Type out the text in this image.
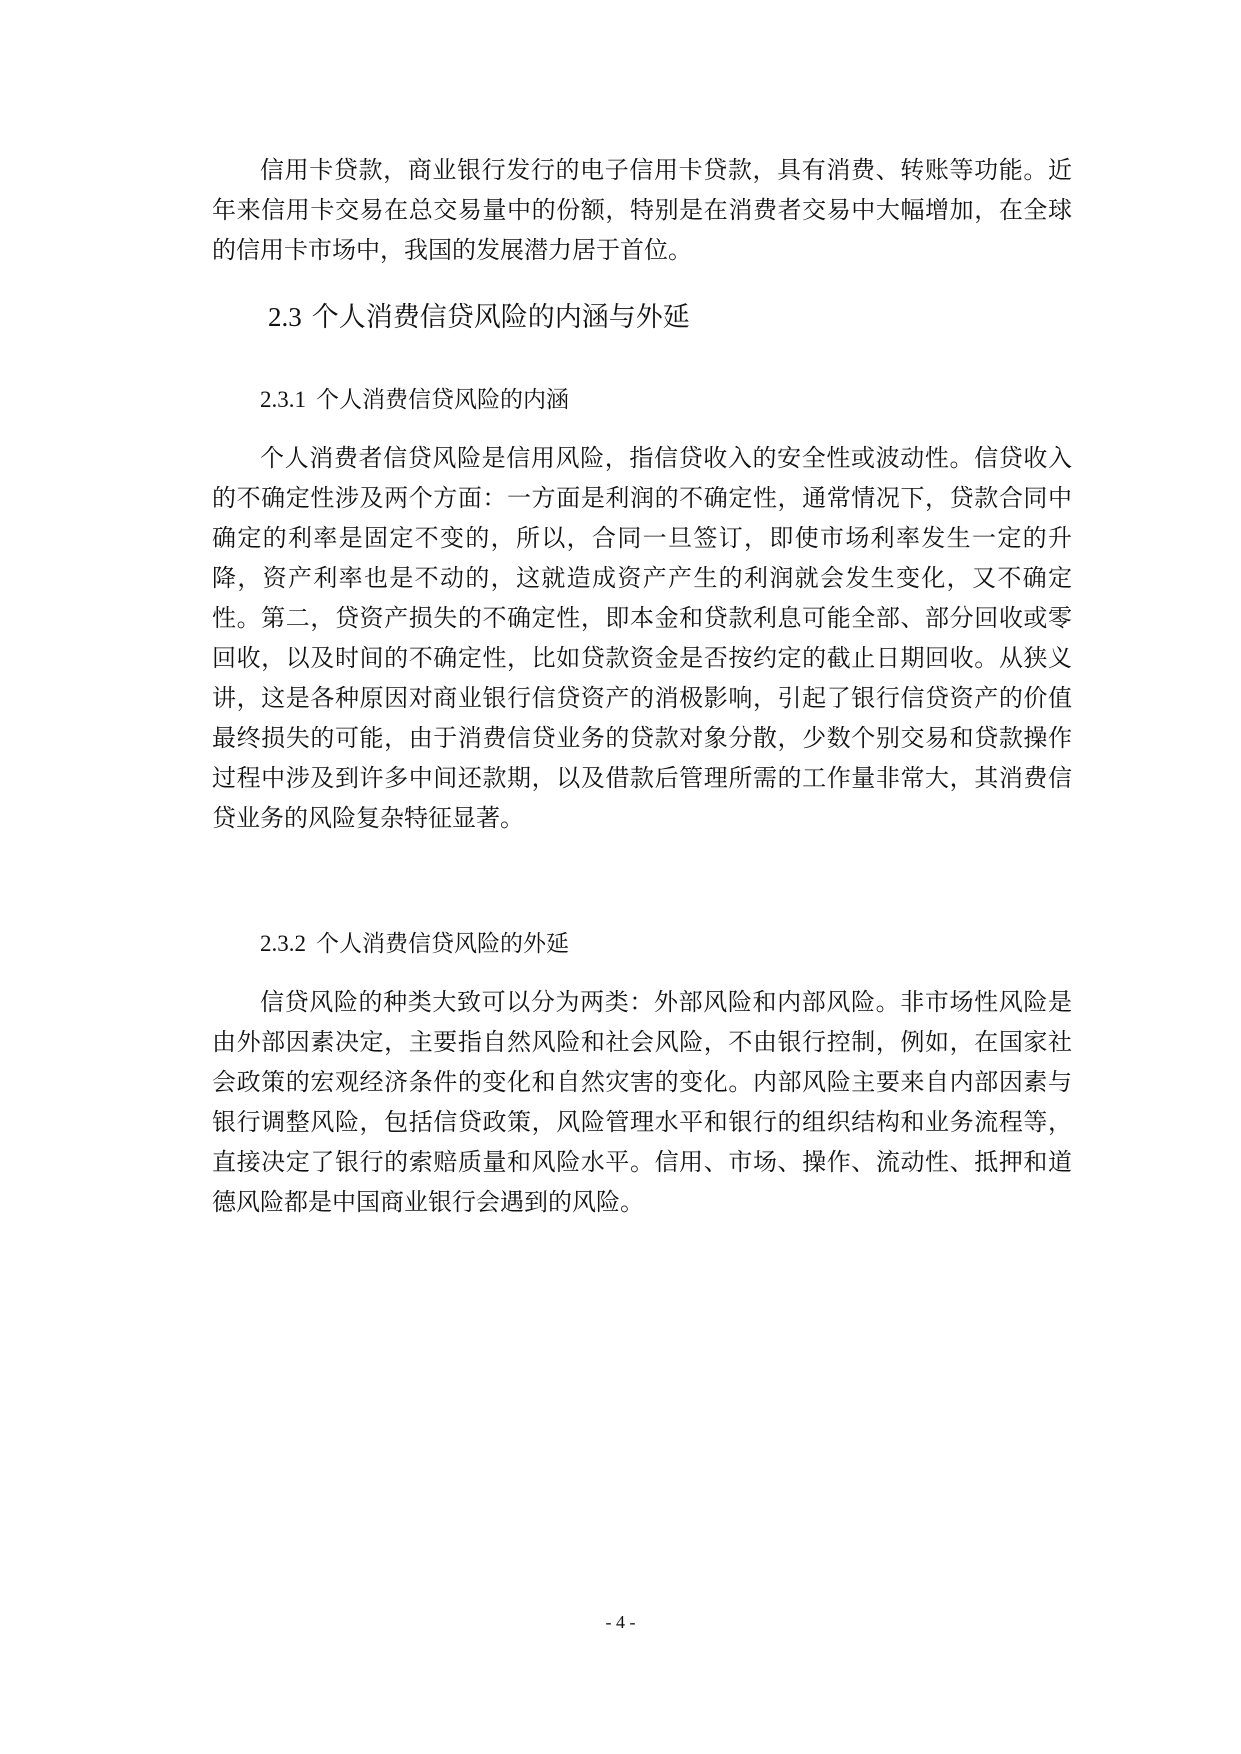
信用卡贷款，商业银行发行的电子信用卡贷款，具有消费、转账等功能。近年来信用卡交易在总交易量中的份额，特别是在消费者交易中大幅增加，在全球的信用卡市场中，我国的发展潜力居于首位。

2.3 个人消费信贷风险的内涵与外延
2.3.1 个人消费信贷风险的内涵

个人消费者信贷风险是信用风险，指信贷收入的安全性或波动性。信贷收入的不确定性涉及两个方面：一方面是利润的不确定性，通常情况下，贷款合同中确定的利率是固定不变的，所以，合同一旦签订，即使市场利率发生一定的升降，资产利率也是不动的，这就造成资产产生的利润就会发生变化，又不确定性。第二，贷资产损失的不确定性，即本金和贷款利息可能全部、部分回收或零回收，以及时间的不确定性，比如贷款资金是否按约定的截止日期回收。从狭义讲，这是各种原因对商业银行信贷资产的消极影响，引起了银行信贷资产的价值最终损失的可能，由于消费信贷业务的贷款对象分散，少数个别交易和贷款操作过程中涉及到许多中间还款期，以及借款后管理所需的工作量非常大，其消费信贷业务的风险复杂特征显著。

2.3.2 个人消费信贷风险的外延

信贷风险的种类大致可以分为两类：外部风险和内部风险。非市场性风险是由外部因素决定，主要指自然风险和社会风险，不由银行控制，例如，在国家社会政策的宏观经济条件的变化和自然灾害的变化。内部风险主要来自内部因素与银行调整风险，包括信贷政策，风险管理水平和银行的组织结构和业务流程等，直接决定了银行的索赔质量和风险水平。信用、市场、操作、流动性、抵押和道德风险都是中国商业银行会遇到的风险。

- 4 -
